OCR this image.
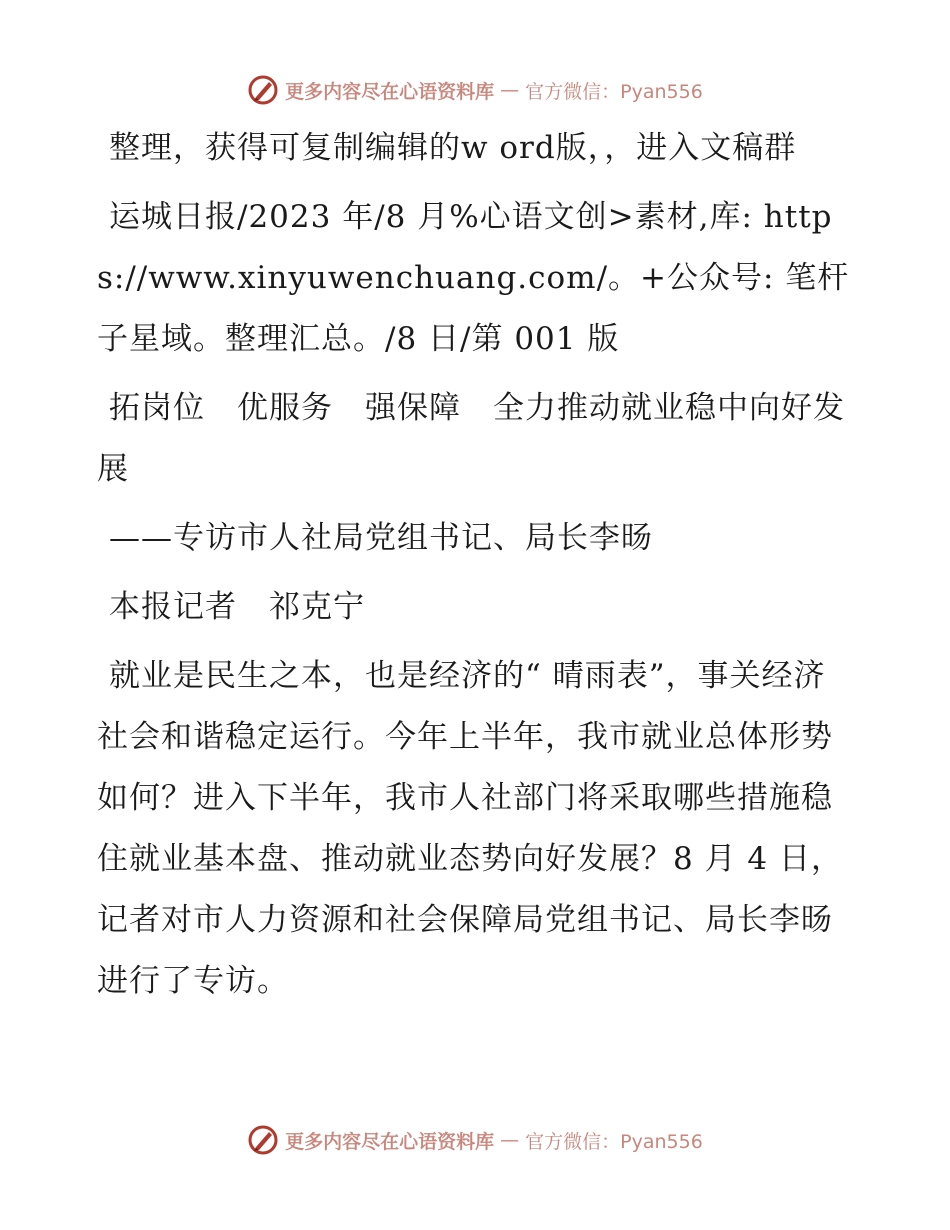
更多内容尽在心语资料库 — 官方微信：Pyan556

整理，获得可复制编辑的w ord版，，进入文稿群

运城日报/2023 年/8 月%心语文创>素材,库: https://www.xinyuwenchuang.com/。+公众号: 笔杆子星域。整理汇总。/8 日/第 001 版

拓岗位　优服务　强保障　全力推动就业稳中向好发展

——专访市人社局党组书记、局长李旸

本报记者　祁克宁

就业是民生之本，也是经济的“ 晴雨表”，事关经济社会和谐稳定运行。今年上半年，我市就业总体形势如何？进入下半年，我市人社部门将采取哪些措施稳住就业基本盘、推动就业态势向好发展？8 月 4 日，记者对市人力资源和社会保障局党组书记、局长李旸进行了专访。

更多内容尽在心语资料库 — 官方微信：Pyan556
